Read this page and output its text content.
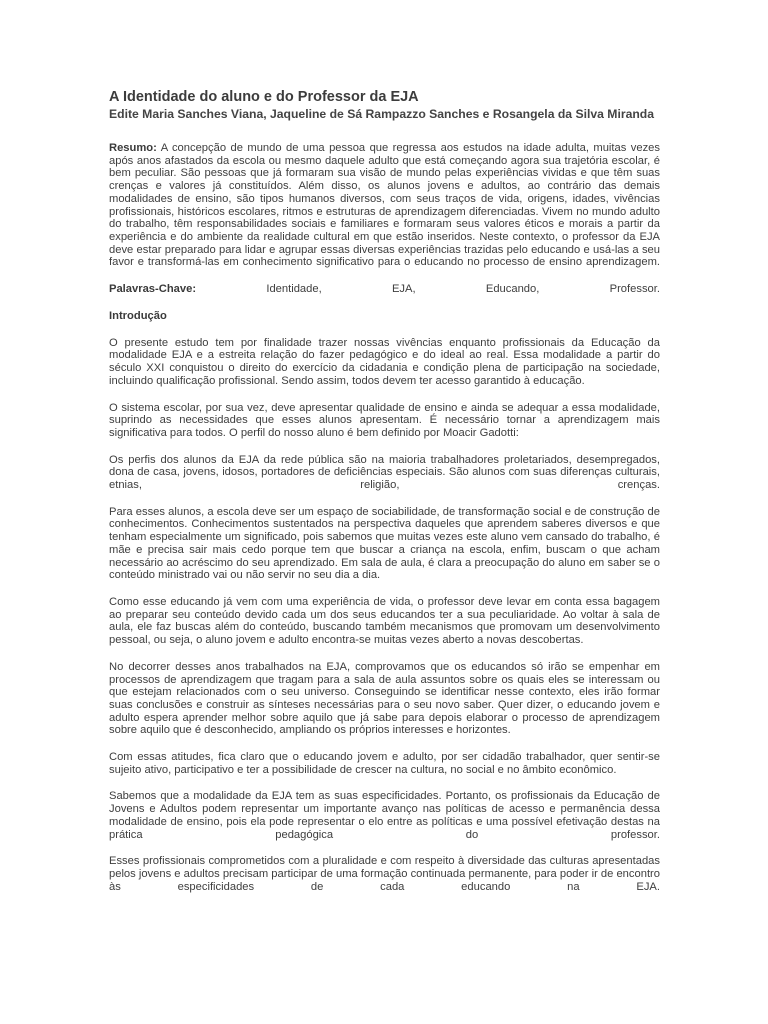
A Identidade do aluno e do Professor da EJA
Edite Maria Sanches Viana, Jaqueline de Sá Rampazzo Sanches e Rosangela da Silva Miranda

Resumo: A concepção de mundo de uma pessoa que regressa aos estudos na idade adulta, muitas vezes após anos afastados da escola ou mesmo daquele adulto que está começando agora sua trajetória escolar, é bem peculiar. São pessoas que já formaram sua visão de mundo pelas experiências vividas e que têm suas crenças e valores já constituídos. Além disso, os alunos jovens e adultos, ao contrário das demais modalidades de ensino, são tipos humanos diversos, com seus traços de vida, origens, idades, vivências profissionais, históricos escolares, ritmos e estruturas de aprendizagem diferenciadas. Vivem no mundo adulto do trabalho, têm responsabilidades sociais e familiares e formaram seus valores éticos e morais a partir da experiência e do ambiente da realidade cultural em que estão inseridos. Neste contexto, o professor da EJA deve estar preparado para lidar e agrupar essas diversas experiências trazidas pelo educando e usá-las a seu favor e transformá-las em conhecimento significativo para o educando no processo de ensino aprendizagem.

Palavras-Chave:	Identidade, EJA, Educando, Professor.

Introdução

O presente estudo tem por finalidade trazer nossas vivências enquanto profissionais da Educação da modalidade EJA e a estreita relação do fazer pedagógico e do ideal ao real. Essa modalidade a partir do século XXI conquistou o direito do exercício da cidadania e condição plena de participação na sociedade, incluindo qualificação profissional. Sendo assim, todos devem ter acesso garantido à educação.

O sistema escolar, por sua vez, deve apresentar qualidade de ensino e ainda se adequar a essa modalidade, suprindo as necessidades que esses alunos apresentam. É necessário tornar a aprendizagem mais significativa para todos. O perfil do nosso aluno é bem definido por Moacir Gadotti:

Os perfis dos alunos da EJA da rede pública são na maioria trabalhadores proletariados, desempregados, dona de casa, jovens, idosos, portadores de deficiências especiais. São alunos com suas diferenças culturais, etnias, religião, crenças.

Para esses alunos, a escola deve ser um espaço de sociabilidade, de transformação social e de construção de conhecimentos. Conhecimentos sustentados na perspectiva daqueles que aprendem saberes diversos e que tenham especialmente um significado, pois sabemos que muitas vezes este aluno vem cansado do trabalho, é mãe e precisa sair mais cedo porque tem que buscar a criança na escola, enfim, buscam o que acham necessário ao acréscimo do seu aprendizado. Em sala de aula, é clara a preocupação do aluno em saber se o conteúdo ministrado vai ou não servir no seu dia a dia.

Como esse educando já vem com uma experiência de vida, o professor deve levar em conta essa bagagem ao preparar seu conteúdo devido cada um dos seus educandos ter a sua peculiaridade. Ao voltar à sala de aula, ele faz buscas além do conteúdo, buscando também mecanismos que promovam um desenvolvimento pessoal, ou seja, o aluno jovem e adulto encontra-se muitas vezes aberto a novas descobertas.

No decorrer desses anos trabalhados na EJA, comprovamos que os educandos só irão se empenhar em processos de aprendizagem que tragam para a sala de aula assuntos sobre os quais eles se interessam ou que estejam relacionados com o seu universo. Conseguindo se identificar nesse contexto, eles irão formar suas conclusões e construir as sínteses necessárias para o seu novo saber. Quer dizer, o educando jovem e adulto espera aprender melhor sobre aquilo que já sabe para depois elaborar o processo de aprendizagem sobre aquilo que é desconhecido, ampliando os próprios interesses e horizontes.

Com essas atitudes, fica claro que o educando jovem e adulto, por ser cidadão trabalhador, quer sentir-se sujeito ativo, participativo e ter a possibilidade de crescer na cultura, no social e no âmbito econômico.

Sabemos que a modalidade da EJA tem as suas especificidades. Portanto, os profissionais da Educação de Jovens e Adultos podem representar um importante avanço nas políticas de acesso e permanência dessa modalidade de ensino, pois ela pode representar o elo entre as políticas e uma possível efetivação destas na prática pedagógica do professor.

Esses profissionais comprometidos com a pluralidade e com respeito à diversidade das culturas apresentadas pelos jovens e adultos precisam participar de uma formação continuada permanente, para poder ir de encontro às especificidades de cada educando na EJA.
